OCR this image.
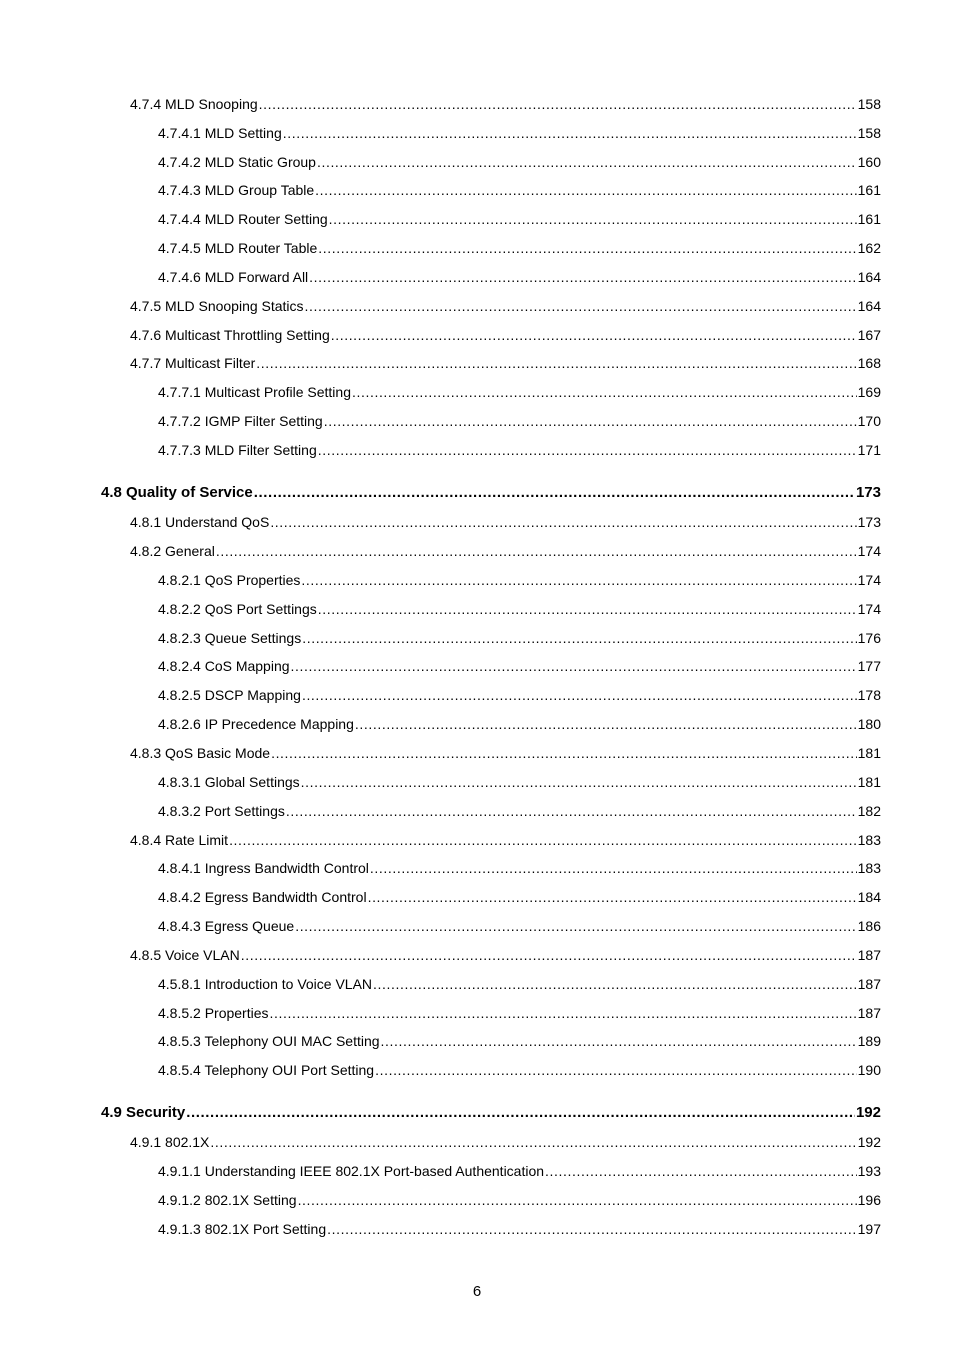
4.7.4 MLD Snooping .....	158
4.7.4.1 MLD Setting .....	158
4.7.4.2 MLD Static Group .....	160
4.7.4.3 MLD Group Table .....	161
4.7.4.4 MLD Router Setting .....	161
4.7.4.5 MLD Router Table .....	162
4.7.4.6 MLD Forward All .....	164
4.7.5 MLD Snooping Statics .....	164
4.7.6 Multicast Throttling Setting .....	167
4.7.7 Multicast Filter .....	168
4.7.7.1 Multicast Profile Setting .....	169
4.7.7.2 IGMP Filter Setting .....	170
4.7.7.3 MLD Filter Setting .....	171
4.8 Quality of Service .....	173
4.8.1 Understand QoS .....	173
4.8.2 General .....	174
4.8.2.1 QoS Properties .....	174
4.8.2.2 QoS Port Settings .....	174
4.8.2.3 Queue Settings .....	176
4.8.2.4 CoS Mapping .....	177
4.8.2.5 DSCP Mapping .....	178
4.8.2.6 IP Precedence Mapping .....	180
4.8.3 QoS Basic Mode .....	181
4.8.3.1 Global Settings .....	181
4.8.3.2 Port Settings .....	182
4.8.4 Rate Limit .....	183
4.8.4.1 Ingress Bandwidth Control .....	183
4.8.4.2 Egress Bandwidth Control .....	184
4.8.4.3 Egress Queue .....	186
4.8.5 Voice VLAN .....	187
4.5.8.1 Introduction to Voice VLAN .....	187
4.8.5.2 Properties .....	187
4.8.5.3 Telephony OUI MAC Setting .....	189
4.8.5.4 Telephony OUI Port Setting .....	190
4.9 Security .....	192
4.9.1 802.1X .....	192
4.9.1.1 Understanding IEEE 802.1X Port-based Authentication .....	193
4.9.1.2 802.1X Setting .....	196
4.9.1.3 802.1X Port Setting .....	197
6
